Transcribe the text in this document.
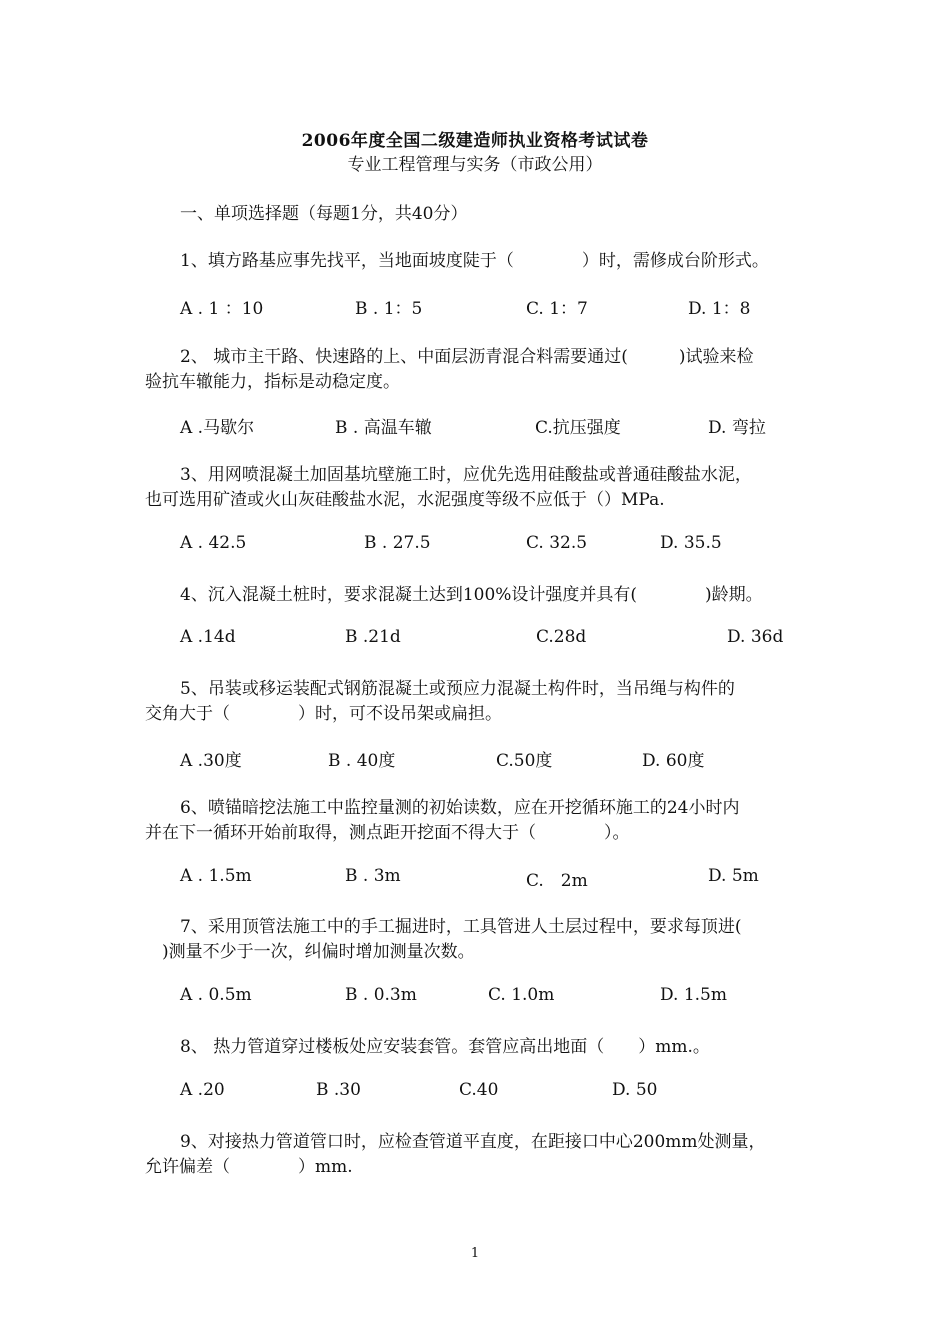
2006年度全国二级建造师执业资格考试试卷
专业工程管理与实务（市政公用）
一、单项选择题（每题1分，共40分）
1、填方路基应事先找平，当地面坡度陡于（　　　　）时，需修成台阶形式。
A . 1 ：10	B . 1：5	C. 1：7	D. 1：8
2、 城市主干路、快速路的上、中面层沥青混合料需要通过(　　　)试验来检
验抗车辙能力，指标是动稳定度。
A .马歇尔	B . 高温车辙	C.抗压强度	D. 弯拉
3、用网喷混凝土加固基坑壁施工时，应优先选用硅酸盐或普通硅酸盐水泥，
也可选用矿渣或火山灰硅酸盐水泥，水泥强度等级不应低于（）MPa.
A . 42.5	B . 27.5	C. 32.5	D. 35.5
4、沉入混凝土桩时，要求混凝土达到100%设计强度并具有(　　　　)龄期。
A .14d	B .21d	C.28d	D. 36d
5、吊装或移运装配式钢筋混凝土或预应力混凝土构件时，当吊绳与构件的
交角大于（　　　　）时，可不设吊架或扁担。
A .30度	B . 40度	C.50度	D. 60度
6、喷锚暗挖法施工中监控量测的初始读数，应在开挖循环施工的24小时内
并在下一循环开始前取得，测点距开挖面不得大于（　　　　）。
A . 1.5m	B . 3m	C.　2m	D. 5m
7、采用顶管法施工中的手工掘进时，工具管进人土层过程中，要求每顶进(
　)测量不少于一次，纠偏时增加测量次数。
A . 0.5m	B . 0.3m	C. 1.0m	D. 1.5m
8、 热力管道穿过楼板处应安装套管。套管应高出地面（　　）mm.。
A .20	B .30	C.40	D. 50
9、对接热力管道管口时，应检查管道平直度，在距接口中心200mm处测量，
允许偏差（　　　　）mm.
1
